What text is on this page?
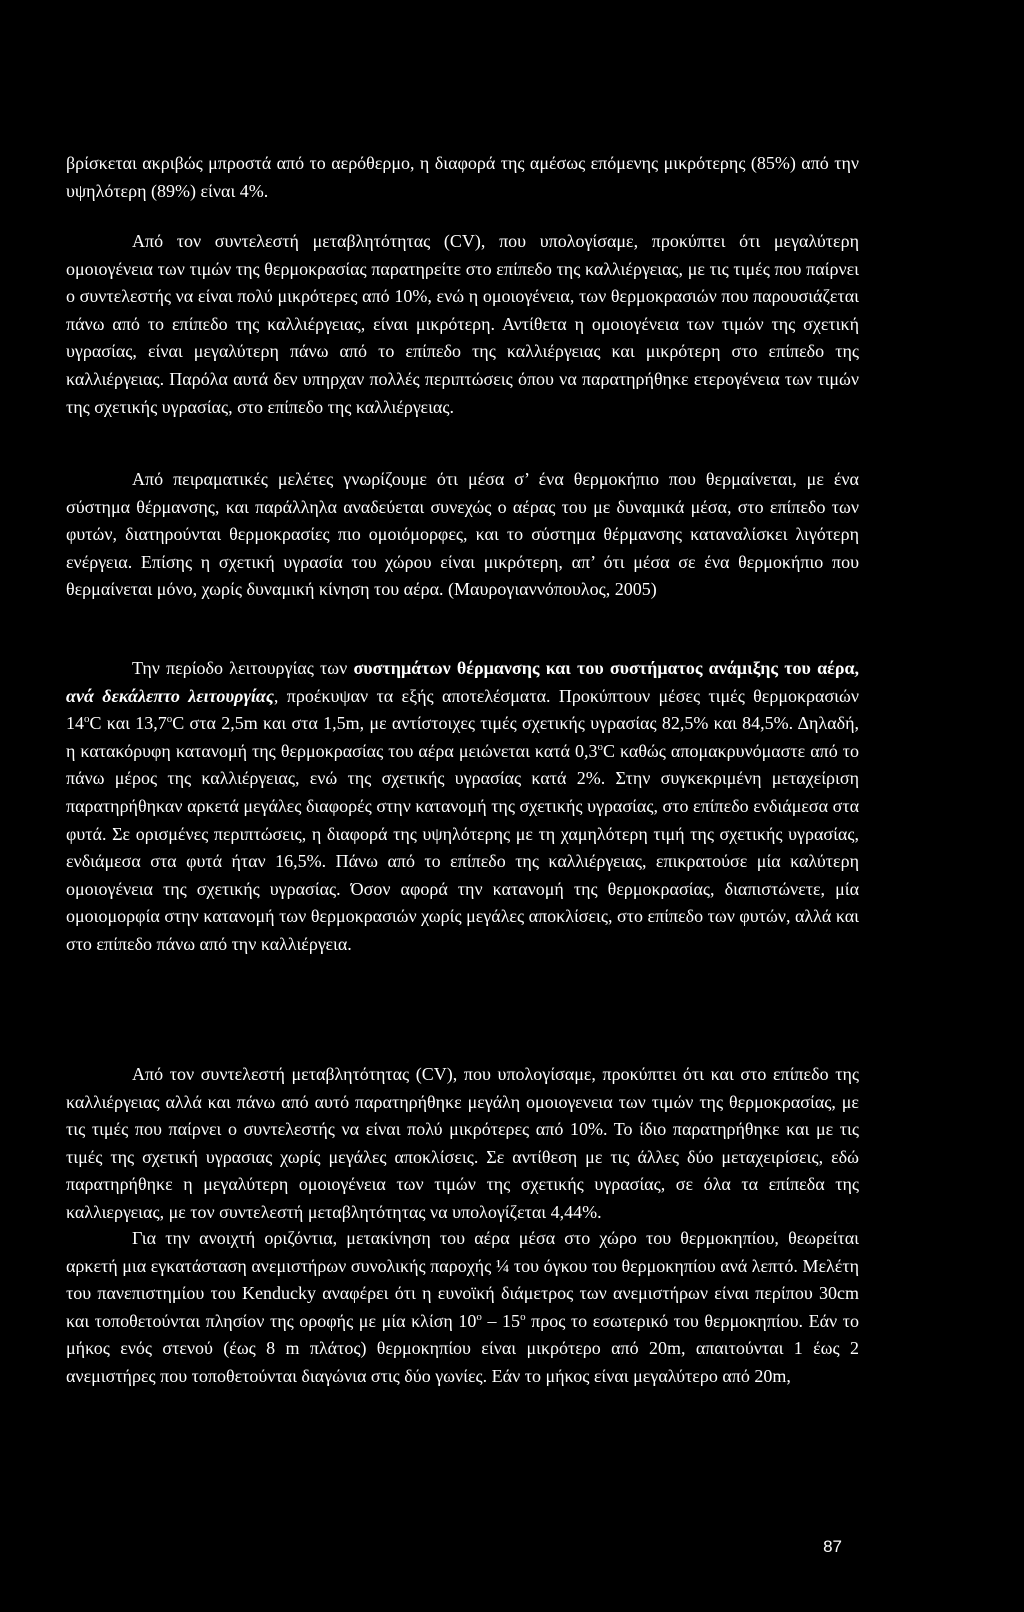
βρίσκεται ακριβώς μπροστά από το αερόθερμο, η διαφορά της αμέσως επόμενης μικρότερης (85%) από την υψηλότερη (89%) είναι 4%.

Από τον συντελεστή μεταβλητότητας (CV), που υπολογίσαμε, προκύπτει ότι μεγαλύτερη ομοιογένεια των τιμών της θερμοκρασίας παρατηρείτε στο επίπεδο της καλλιέργειας, με τις τιμές που παίρνει ο συντελεστής να είναι πολύ μικρότερες από 10%, ενώ η ομοιογένεια, των θερμοκρασιών που παρουσιάζεται πάνω από το επίπεδο της καλλιέργειας, είναι μικρότερη. Αντίθετα η ομοιογένεια των τιμών της σχετική υγρασίας, είναι μεγαλύτερη πάνω από το επίπεδο της καλλιέργειας και μικρότερη στο επίπεδο της καλλιέργειας. Παρόλα αυτά δεν υπηρχαν πολλές περιπτώσεις όπου να παρατηρήθηκε ετερογένεια των τιμών της σχετικής υγρασίας, στο επίπεδο της καλλιέργειας.

Από πειραματικές μελέτες γνωρίζουμε ότι μέσα σ’ ένα θερμοκήπιο που θερμαίνεται, με ένα σύστημα θέρμανσης, και παράλληλα αναδεύεται συνεχώς ο αέρας του με δυναμικά μέσα, στο επίπεδο των φυτών, διατηρούνται θερμοκρασίες πιο ομοιόμορφες, και το σύστημα θέρμανσης καταναλίσκει λιγότερη ενέργεια. Επίσης η σχετική υγρασία του χώρου είναι μικρότερη, απ’ ότι μέσα σε ένα θερμοκήπιο που θερμαίνεται μόνο, χωρίς δυναμική κίνηση του αέρα. (Μαυρογιαννόπουλος, 2005)

Την περίοδο λειτουργίας των συστημάτων θέρμανσης και του συστήματος ανάμιξης του αέρα, ανά δεκάλεπτο λειτουργίας, προέκυψαν τα εξής αποτελέσματα. Προκύπτουν μέσες τιμές θερμοκρασιών $14^oC$ και $13,7^oC$ στα 2,5m και στα 1,5m, με αντίστοιχες τιμές σχετικής υγρασίας 82,5% και 84,5%. Δηλαδή, η κατακόρυφη κατανομή της θερμοκρασίας του αέρα μειώνεται κατά $0,3^oC$ καθώς απομακρυνόμαστε από το πάνω μέρος της καλλιέργειας, ενώ της σχετικής υγρασίας κατά 2%. Στην συγκεκριμένη μεταχείριση παρατηρήθηκαν αρκετά μεγάλες διαφορές στην κατανομή της σχετικής υγρασίας, στο επίπεδο ενδιάμεσα στα φυτά. Σε ορισμένες περιπτώσεις, η διαφορά της υψηλότερης με τη χαμηλότερη τιμή της σχετικής υγρασίας, ενδιάμεσα στα φυτά ήταν 16,5%. Πάνω από το επίπεδο της καλλιέργειας, επικρατούσε μία καλύτερη ομοιογένεια της σχετικής υγρασίας. Όσον αφορά την κατανομή της θερμοκρασίας, διαπιστώνετε, μία ομοιομορφία στην κατανομή των θερμοκρασιών χωρίς μεγάλες αποκλίσεις, στο επίπεδο των φυτών, αλλά και στο επίπεδο πάνω από την καλλιέργεια.

Από τον συντελεστή μεταβλητότητας (CV), που υπολογίσαμε, προκύπτει ότι και στο επίπεδο της καλλιέργειας αλλά και πάνω από αυτό παρατηρήθηκε μεγάλη ομοιογενεια των τιμών της θερμοκρασίας, με τις τιμές που παίρνει ο συντελεστής να είναι πολύ μικρότερες από 10%. Το ίδιο παρατηρήθηκε και με τις τιμές της σχετική υγρασιας χωρίς μεγάλες αποκλίσεις. Σε αντίθεση με τις άλλες δύο μεταχειρίσεις, εδώ παρατηρήθηκε η μεγαλύτερη ομοιογένεια των τιμών της σχετικής υγρασίας, σε όλα τα επίπεδα της καλλιεργειας, με τον συντελεστή μεταβλητότητας να υπολογίζεται 4,44%.

Για την ανοιχτή οριζόντια, μετακίνηση του αέρα μέσα στο χώρο του θερμοκηπίου, θεωρείται αρκετή μια εγκατάσταση ανεμιστήρων συνολικής παροχής ¼ του όγκου του θερμοκηπίου ανά λεπτό. Μελέτη του πανεπιστημίου του Kenducky αναφέρει ότι η ευνοϊκή διάμετρος των ανεμιστήρων είναι περίπου 30cm και τοποθετούνται πλησίον της οροφής με μία κλίση $10^o - 15^o$ προς το εσωτερικό του θερμοκηπίου. Εάν το μήκος ενός στενού (έως 8 m πλάτος) θερμοκηπίου είναι μικρότερο από 20m, απαιτούνται 1 έως 2 ανεμιστήρες που τοποθετούνται διαγώνια στις δύο γωνίες. Εάν το μήκος είναι μεγαλύτερο από 20m,

87
